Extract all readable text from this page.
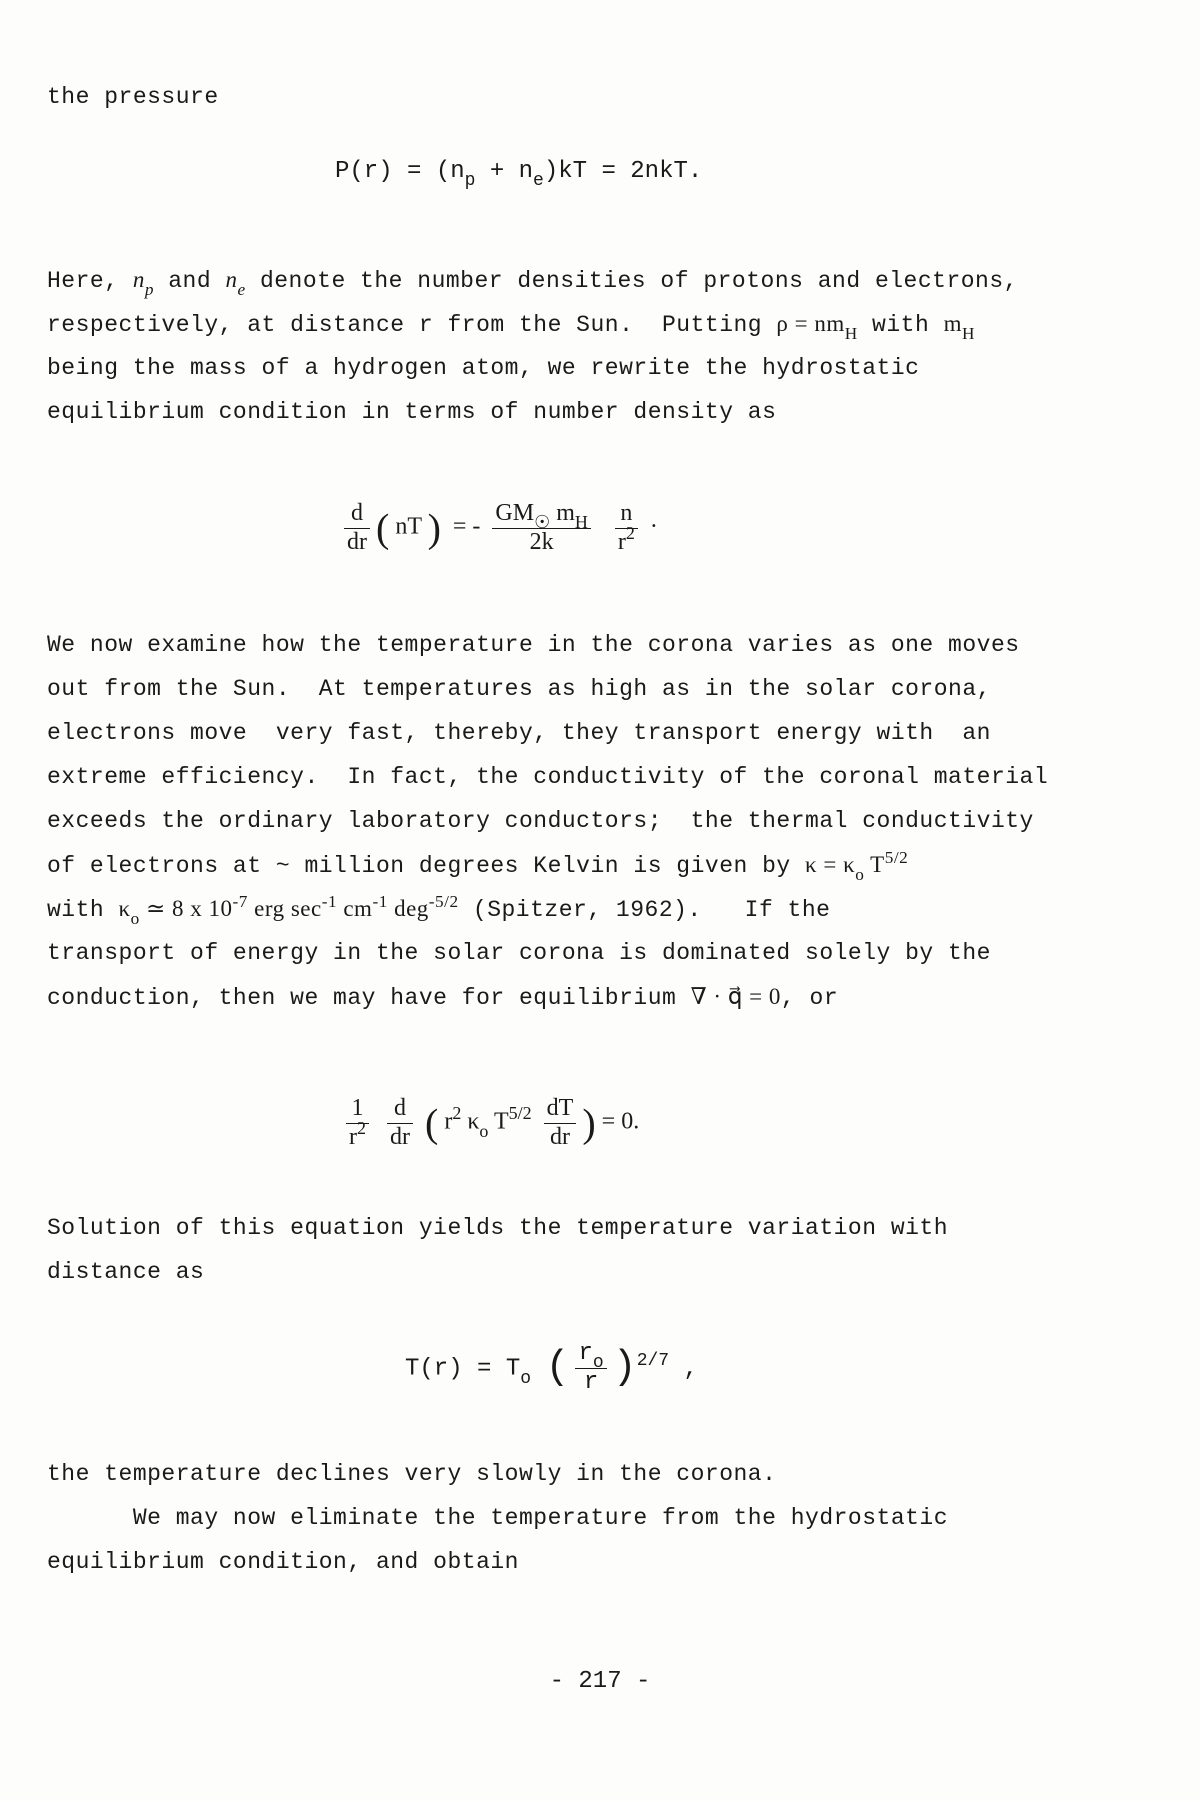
the pressure
$P(r) = (n_p + n_e)kT = 2nkT$.
Here, $n_p$ and $n_e$ denote the number densities of protons and electrons,
respectively, at distance r from the Sun.  Putting $\rho = nm_H$ with $m_H$
being the mass of a hydrogen atom, we rewrite the hydrostatic
equilibrium condition in terms of number density as
$\frac{d}{dr}$ ( nT )  = - $\frac{GM_☉ m_H}{2k}$
$\frac{n}{r^2}$ ·
We now examine how the temperature in the corona varies as one moves
out from the Sun.  At temperatures as high as in the solar corona,
electrons move  very fast, thereby, they transport energy with  an
extreme efficiency.  In fact, the conductivity of the coronal material
exceeds the ordinary laboratory conductors;  the thermal conductivity
of electrons at ~ million degrees Kelvin is given by $\kappa = \kappa_o$ $T^{5/2}$
with $\kappa_o$ ≃ 8 x $10^{-7}$ erg $\sec^{-1} cm^{-1}$ deg$^{-5/2}$ (Spitzer, 1962).   If the
transport of energy in the solar corona is dominated solely by the
conduction, then we may have for equilibrium ∇ · q⃗ = 0, or
$\frac{1}{r^2}$
$\frac{d}{dr}$ ( $r^2$ $\kappa_o$ $T^{5/2} \frac{dT}{dr}$ ) = 0.
Solution of this equation yields the temperature variation with
distance as
$T(r) = T_o$ ( $\frac{r_o}{r} )^{2/7}$ ,
the temperature declines very slowly in the corona.
We may now eliminate the temperature from the hydrostatic
equilibrium condition, and obtain
- 217 -
